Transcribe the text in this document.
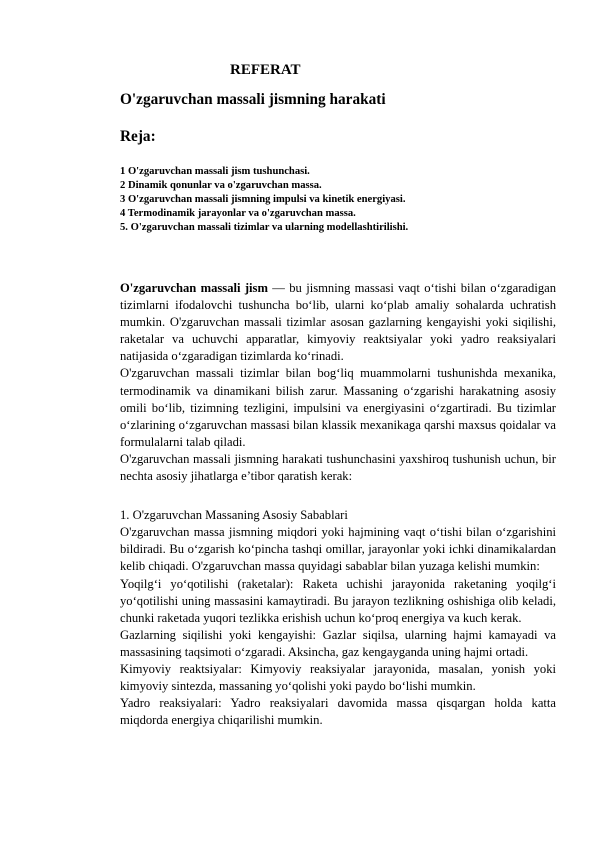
REFERAT
O'zgaruvchan massali jismning harakati
Reja:
1 O'zgaruvchan massali jism tushunchasi.
2 Dinamik qonunlar va o'zgaruvchan massa.
3 O'zgaruvchan massali jismning impulsi va kinetik energiyasi.
4 Termodinamik jarayonlar va o'zgaruvchan massa.
5. O'zgaruvchan massali tizimlar va ularning modellashtirilishi.

O'zgaruvchan massali jism — bu jismning massasi vaqt o‘tishi bilan o‘zgaradigan tizimlarni ifodalovchi tushuncha bo‘lib, ularni ko‘plab amaliy sohalarda uchratish mumkin. O'zgaruvchan massali tizimlar asosan gazlarning kengayishi yoki siqilishi, raketalar va uchuvchi apparatlar, kimyoviy reaktsiyalar yoki yadro reaksiyalari natijasida o‘zgaradigan tizimlarda ko‘rinadi.

O'zgaruvchan massali tizimlar bilan bog‘liq muammolarni tushunishda mexanika, termodinamik va dinamikani bilish zarur. Massaning o‘zgarishi harakatning asosiy omili bo‘lib, tizimning tezligini, impulsini va energiyasini o‘zgartiradi. Bu tizimlar o‘zlarining o‘zgaruvchan massasi bilan klassik mexanikaga qarshi maxsus qoidalar va formulalarni talab qiladi.

O'zgaruvchan massali jismning harakati tushunchasini yaxshiroq tushunish uchun, bir nechta asosiy jihatlarga e’tibor qaratish kerak:

1. O'zgaruvchan Massaning Asosiy Sabablari

O'zgaruvchan massa jismning miqdori yoki hajmining vaqt o‘tishi bilan o‘zgarishini bildiradi. Bu o‘zgarish ko‘pincha tashqi omillar, jarayonlar yoki ichki dinamikalardan kelib chiqadi. O'zgaruvchan massa quyidagi sabablar bilan yuzaga kelishi mumkin:

Yoqilg‘i yo‘qotilishi (raketalar): Raketa uchishi jarayonida raketaning yoqilg‘i yo‘qotilishi uning massasini kamaytiradi. Bu jarayon tezlikning oshishiga olib keladi, chunki raketada yuqori tezlikka erishish uchun ko‘proq energiya va kuch kerak.

Gazlarning siqilishi yoki kengayishi: Gazlar siqilsa, ularning hajmi kamayadi va massasining taqsimoti o‘zgaradi. Aksincha, gaz kengayganda uning hajmi ortadi.

Kimyoviy reaktsiyalar: Kimyoviy reaksiyalar jarayonida, masalan, yonish yoki kimyoviy sintezda, massaning yo‘qolishi yoki paydo bo‘lishi mumkin.

Yadro reaksiyalari: Yadro reaksiyalari davomida massa qisqargan holda katta miqdorda energiya chiqarilishi mumkin.
